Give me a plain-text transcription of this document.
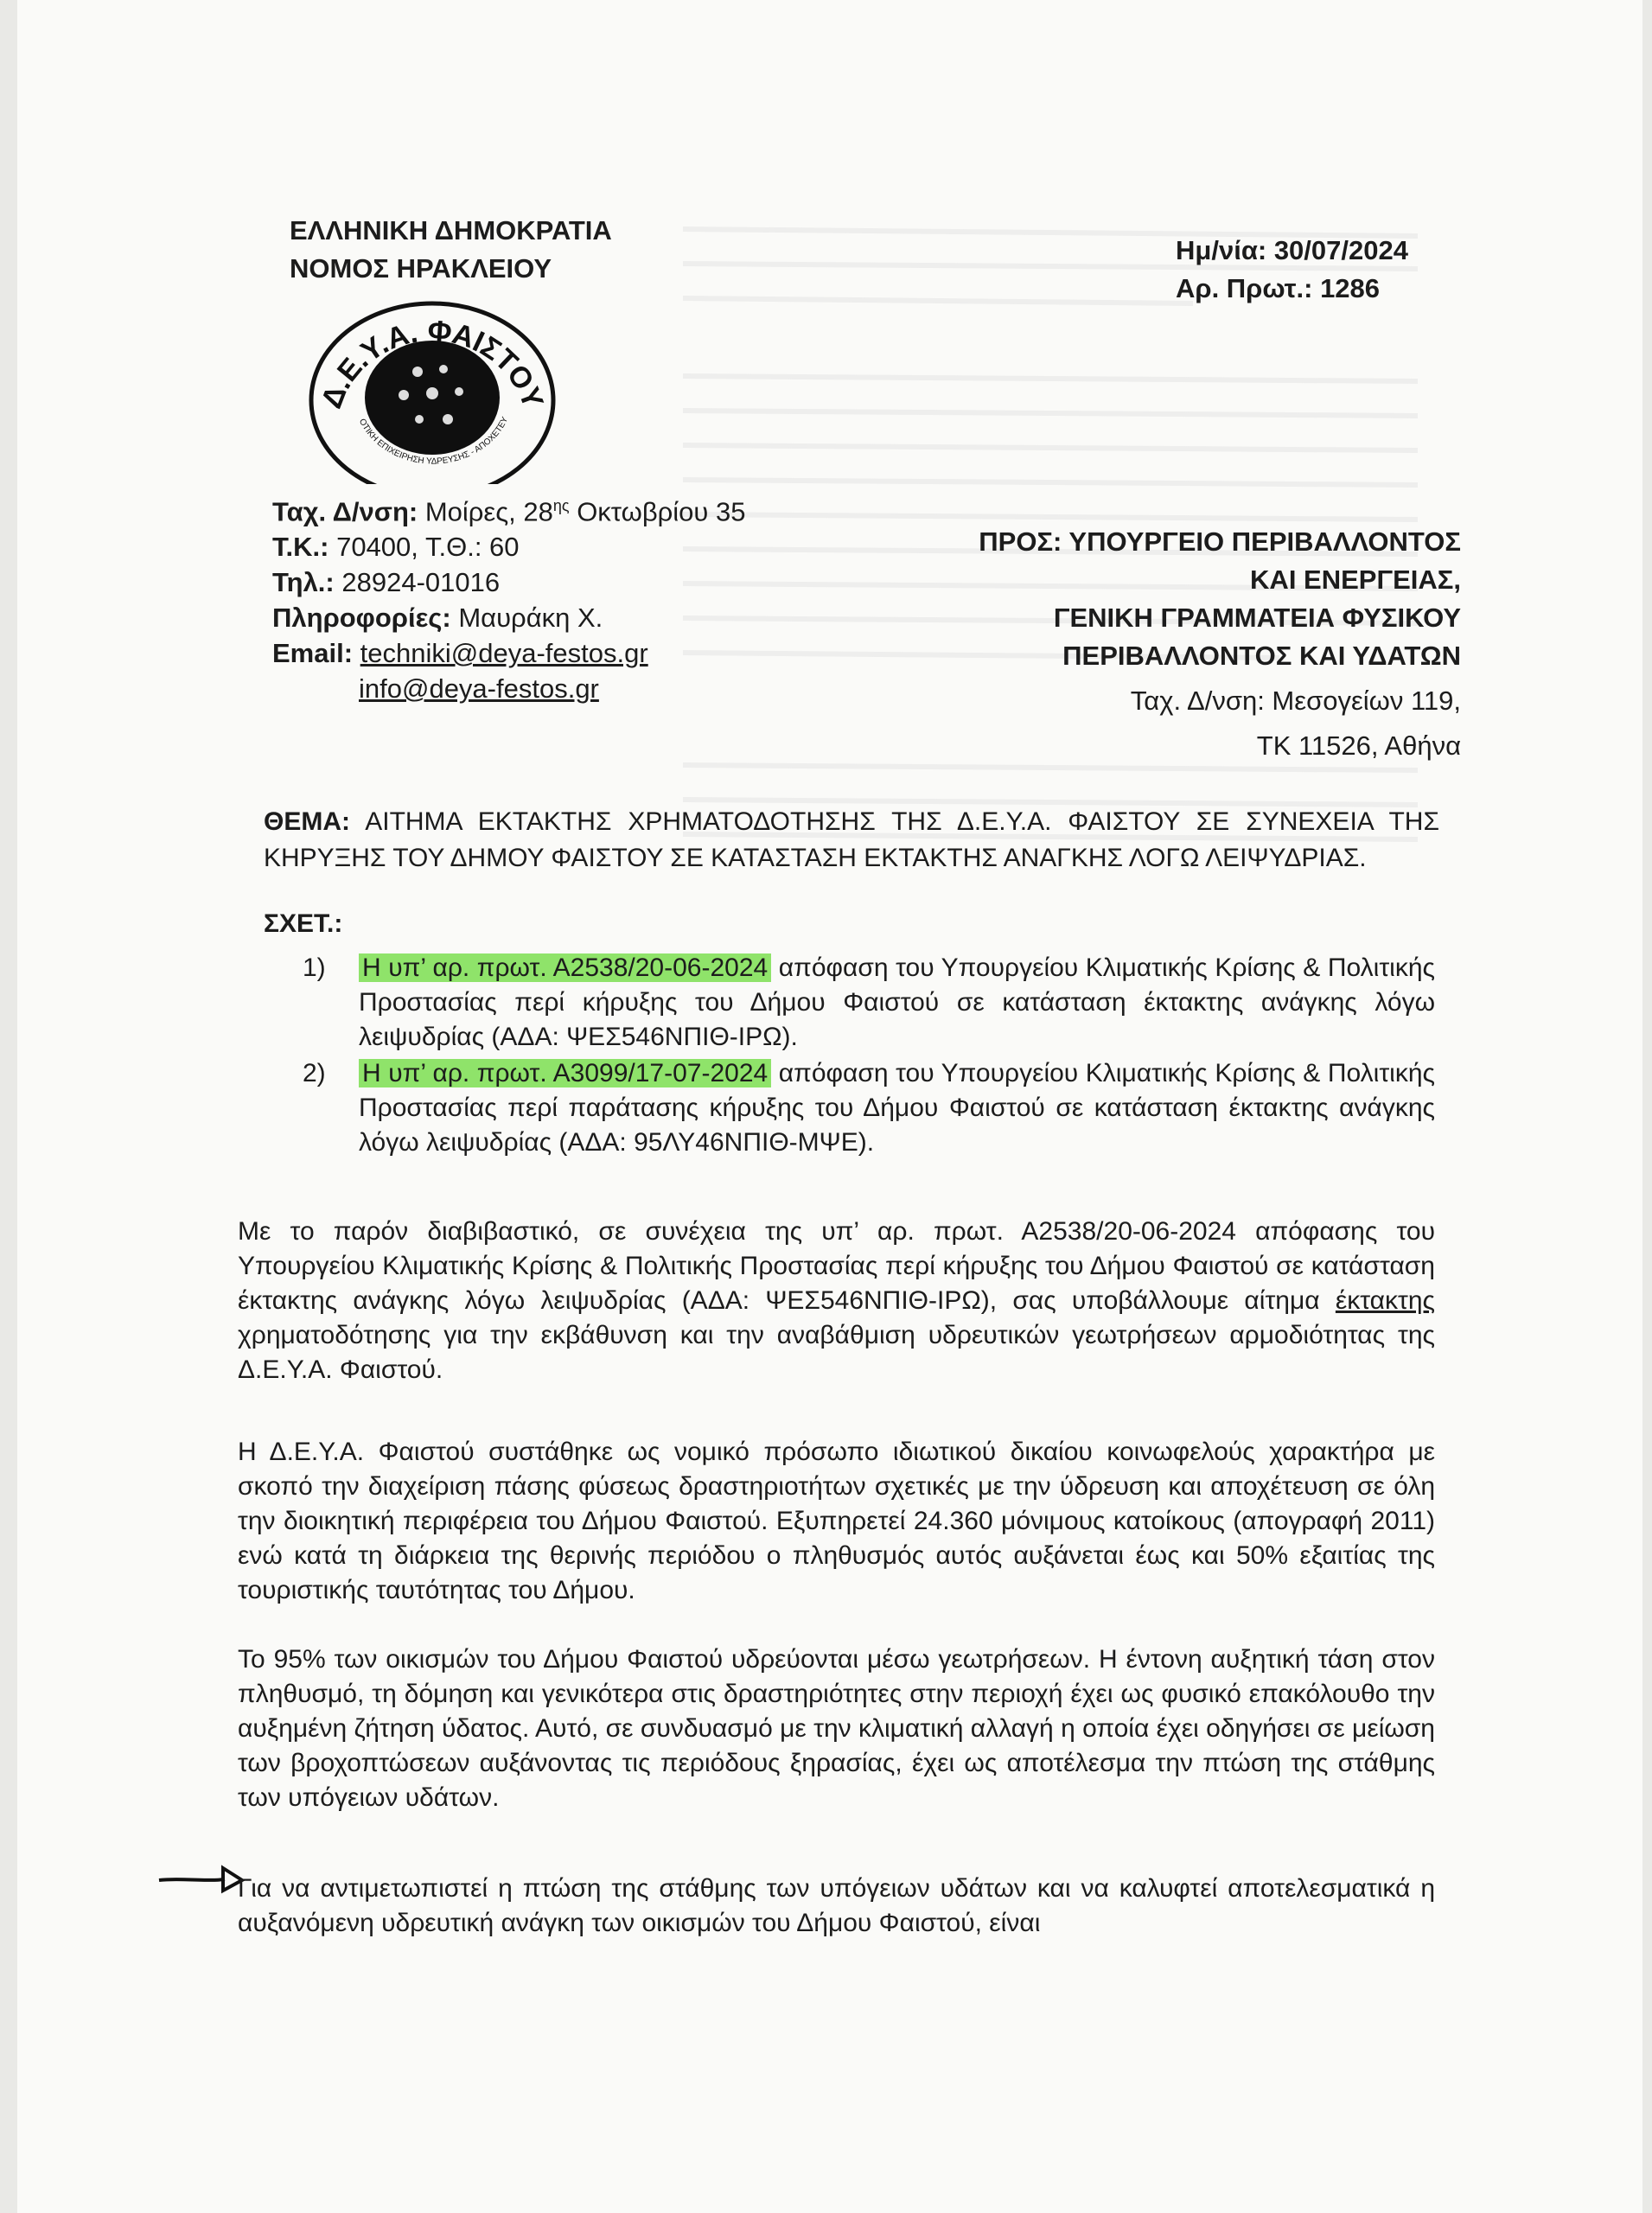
ΕΛΛΗΝΙΚΗ ΔΗΜΟΚΡΑΤΙΑ
ΝΟΜΟΣ ΗΡΑΚΛΕΙΟΥ
Ημ/νία: 30/07/2024
Αρ. Πρωτ.: 1286
Δ.Ε.Υ.Α. ΦΑΙΣΤΟΥ
ΟΤΙΚΗ ΕΠΙΧΕΙΡΗΣΗ ΥΔΡΕΥΣΗΣ - ΑΠΟΧΕΤΕΥ
Ταχ. Δ/νση: Μοίρες, $28^{\eta\varsigma}$ Οκτωβρίου 35
Τ.Κ.: 70400, Τ.Θ.: 60
Τηλ.: 28924-01016
Πληροφορίες: Μαυράκη Χ.
Email: techniki@deya-festos.gr
info@deya-festos.gr
ΠΡΟΣ: ΥΠΟΥΡΓΕΙΟ ΠΕΡΙΒΑΛΛΟΝΤΟΣ
ΚΑΙ ΕΝΕΡΓΕΙΑΣ,
ΓΕΝΙΚΗ ΓΡΑΜΜΑΤΕΙΑ ΦΥΣΙΚΟΥ
ΠΕΡΙΒΑΛΛΟΝΤΟΣ ΚΑΙ ΥΔΑΤΩΝ
Ταχ. Δ/νση: Μεσογείων 119,
ΤΚ 11526, Αθήνα
ΘΕΜΑ: ΑΙΤΗΜΑ ΕΚΤΑΚΤΗΣ ΧΡΗΜΑΤΟΔΟΤΗΣΗΣ ΤΗΣ Δ.Ε.Υ.Α. ΦΑΙΣΤΟΥ ΣΕ ΣΥΝΕΧΕΙΑ ΤΗΣ ΚΗΡΥΞΗΣ ΤΟΥ ΔΗΜΟΥ ΦΑΙΣΤΟΥ ΣΕ ΚΑΤΑΣΤΑΣΗ ΕΚΤΑΚΤΗΣ ΑΝΑΓΚΗΣ ΛΟΓΩ ΛΕΙΨΥΔΡΙΑΣ.
ΣΧΕΤ.:
1) Η υπ’ αρ. πρωτ. Α2538/20-06-2024 απόφαση του Υπουργείου Κλιματικής Κρίσης & Πολιτικής Προστασίας περί κήρυξης του Δήμου Φαιστού σε κατάσταση έκτακτης ανάγκης λόγω λειψυδρίας (ΑΔΑ: ΨΕΣ546ΝΠΙΘ-ΙΡΩ).
2) Η υπ’ αρ. πρωτ. Α3099/17-07-2024 απόφαση του Υπουργείου Κλιματικής Κρίσης & Πολιτικής Προστασίας περί παράτασης κήρυξης του Δήμου Φαιστού σε κατάσταση έκτακτης ανάγκης λόγω λειψυδρίας (ΑΔΑ: 95ΛΥ46ΝΠΙΘ-ΜΨΕ).
Με το παρόν διαβιβαστικό, σε συνέχεια της υπ’ αρ. πρωτ. Α2538/20-06-2024 απόφασης του Υπουργείου Κλιματικής Κρίσης & Πολιτικής Προστασίας περί κήρυξης του Δήμου Φαιστού σε κατάσταση έκτακτης ανάγκης λόγω λειψυδρίας (ΑΔΑ: ΨΕΣ546ΝΠΙΘ-ΙΡΩ), σας υποβάλλουμε αίτημα έκτακτης χρηματοδότησης για την εκβάθυνση και την αναβάθμιση υδρευτικών γεωτρήσεων αρμοδιότητας της Δ.Ε.Υ.Α. Φαιστού.
Η Δ.Ε.Υ.Α. Φαιστού συστάθηκε ως νομικό πρόσωπο ιδιωτικού δικαίου κοινωφελούς χαρακτήρα με σκοπό την διαχείριση πάσης φύσεως δραστηριοτήτων σχετικές με την ύδρευση και αποχέτευση σε όλη την διοικητική περιφέρεια του Δήμου Φαιστού. Εξυπηρετεί 24.360 μόνιμους κατοίκους (απογραφή 2011) ενώ κατά τη διάρκεια της θερινής περιόδου ο πληθυσμός αυτός αυξάνεται έως και 50% εξαιτίας της τουριστικής ταυτότητας του Δήμου.
Το 95% των οικισμών του Δήμου Φαιστού υδρεύονται μέσω γεωτρήσεων. Η έντονη αυξητική τάση στον πληθυσμό, τη δόμηση και γενικότερα στις δραστηριότητες στην περιοχή έχει ως φυσικό επακόλουθο την αυξημένη ζήτηση ύδατος. Αυτό, σε συνδυασμό με την κλιματική αλλαγή η οποία έχει οδηγήσει σε μείωση των βροχοπτώσεων αυξάνοντας τις περιόδους ξηρασίας, έχει ως αποτέλεσμα την πτώση της στάθμης των υπόγειων υδάτων.
Για να αντιμετωπιστεί η πτώση της στάθμης των υπόγειων υδάτων και να καλυφτεί αποτελεσματικά η αυξανόμενη υδρευτική ανάγκη των οικισμών του Δήμου Φαιστού, είναι
